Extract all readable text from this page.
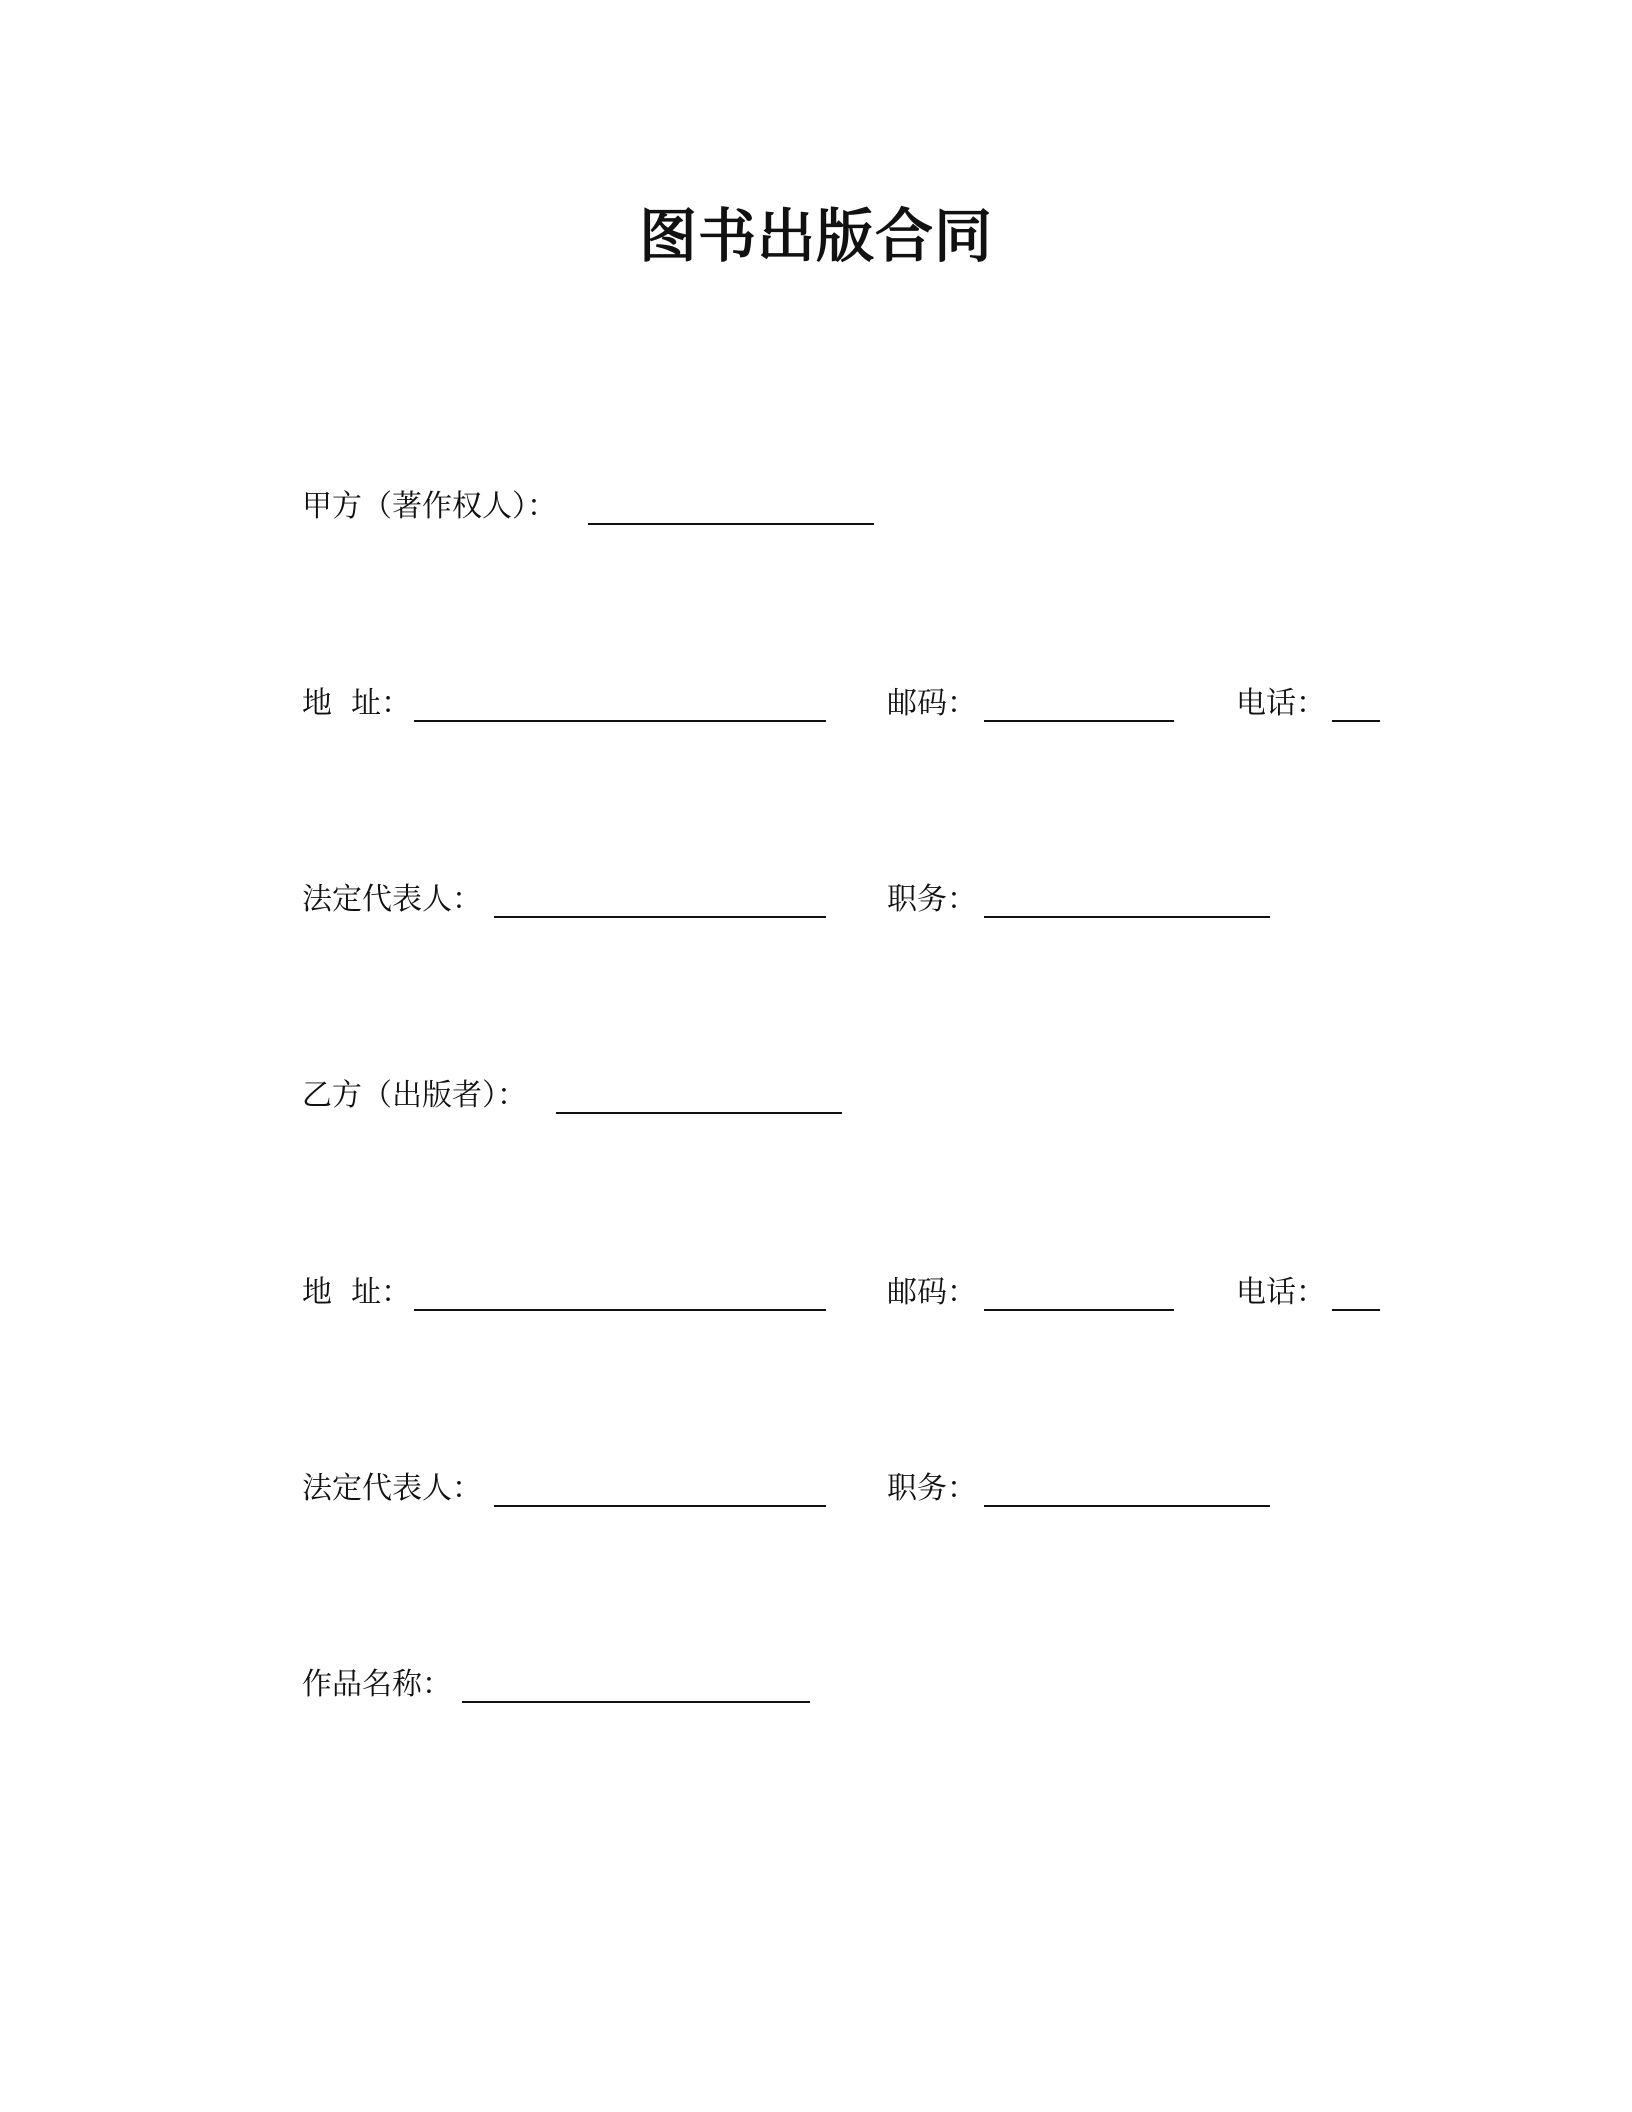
图书出版合同
甲方（著作权人）：
地  址：	邮码：	电话：
法定代表人：	职务：
乙方（出版者）：
地  址：	邮码：	电话：
法定代表人：	职务：
作品名称：
